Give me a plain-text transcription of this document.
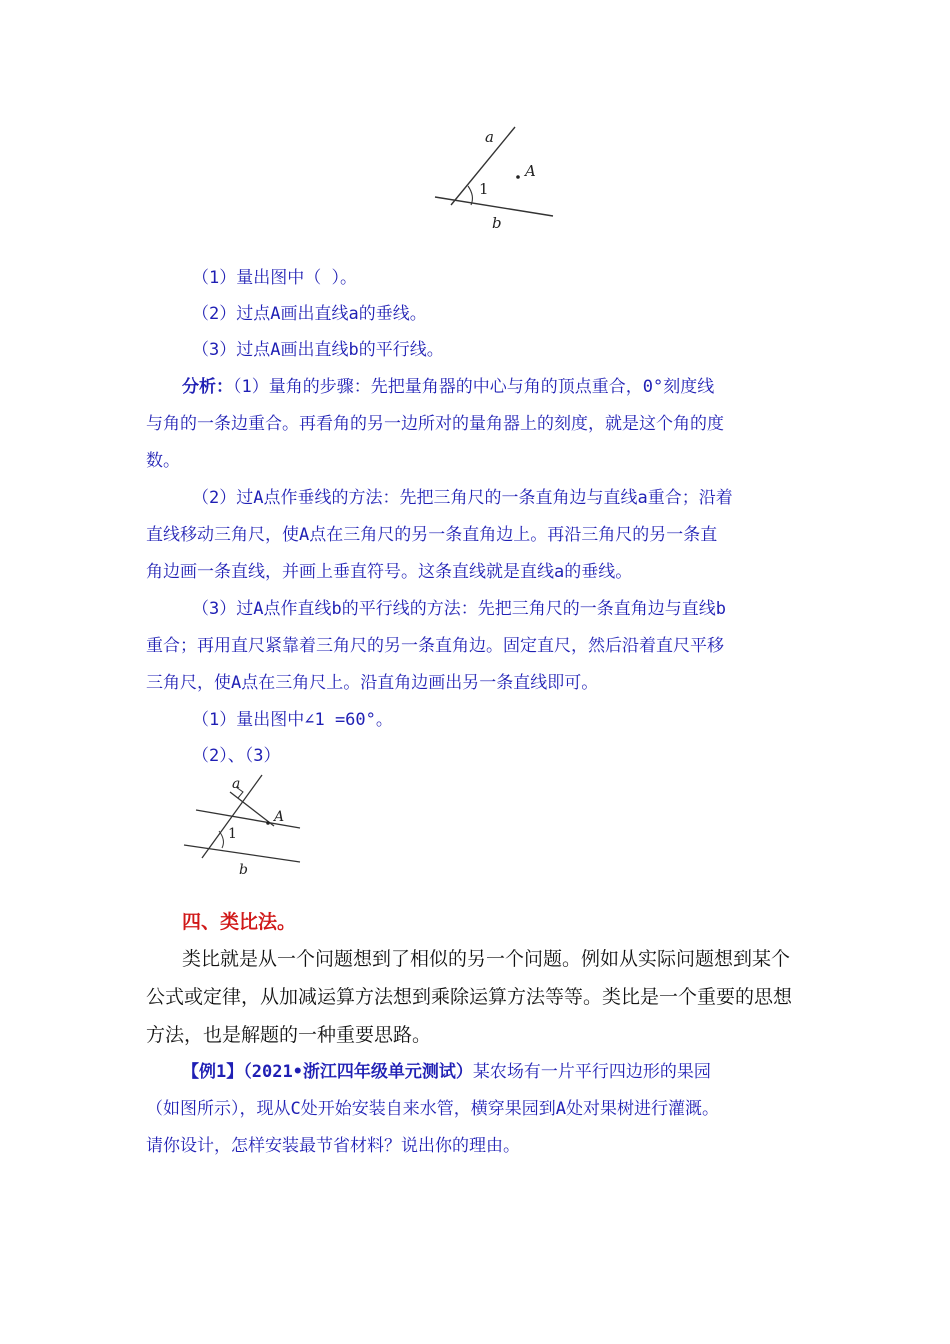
a
A
1
b
（1）量出图中（ ）。
（2）过点A画出直线a的垂线。
（3）过点A画出直线b的平行线。
分析：（1）量角的步骤：先把量角器的中心与角的顶点重合，0°刻度线
与角的一条边重合。再看角的另一边所对的量角器上的刻度，就是这个角的度
数。
（2）过A点作垂线的方法：先把三角尺的一条直角边与直线a重合；沿着
直线移动三角尺，使A点在三角尺的另一条直角边上。再沿三角尺的另一条直
角边画一条直线，并画上垂直符号。这条直线就是直线a的垂线。
（3）过A点作直线b的平行线的方法：先把三角尺的一条直角边与直线b
重合；再用直尺紧靠着三角尺的另一条直角边。固定直尺，然后沿着直尺平移
三角尺，使A点在三角尺上。沿直角边画出另一条直线即可。
（1）量出图中∠1 =60°。
（2）、（3）
a
A
1
b
四、类比法。
类比就是从一个问题想到了相似的另一个问题。例如从实际问题想到某个
公式或定律，从加减运算方法想到乘除运算方法等等。类比是一个重要的思想
方法，也是解题的一种重要思路。
【例1】（2021•浙江四年级单元测试）某农场有一片平行四边形的果园
（如图所示），现从C处开始安装自来水管，横穿果园到A处对果树进行灌溉。
请你设计，怎样安装最节省材料？说出你的理由。
